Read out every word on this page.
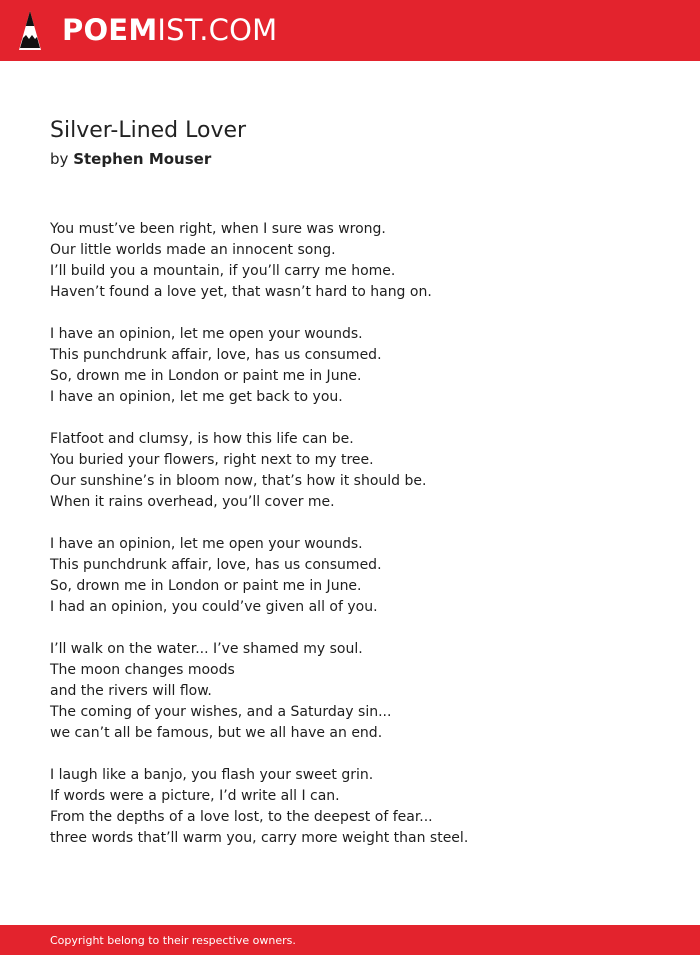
POEMIST.COM
Silver-Lined Lover
by Stephen Mouser
You must’ve been right, when I sure was wrong.
Our little worlds made an innocent song.
I’ll build you a mountain, if you’ll carry me home.
Haven’t found a love yet, that wasn’t hard to hang on.
I have an opinion, let me open your wounds.
This punchdrunk affair, love, has us consumed.
So, drown me in London or paint me in June.
I have an opinion, let me get back to you.
Flatfoot and clumsy, is how this life can be.
You buried your flowers, right next to my tree.
Our sunshine’s in bloom now, that’s how it should be.
When it rains overhead, you’ll cover me.
I have an opinion, let me open your wounds.
This punchdrunk affair, love, has us consumed.
So, drown me in London or paint me in June.
I had an opinion, you could’ve given all of you.
I’ll walk on the water... I’ve shamed my soul.
The moon changes moods
and the rivers will flow.
The coming of your wishes, and a Saturday sin...
we can’t all be famous, but we all have an end.
I laugh like a banjo, you flash your sweet grin.
If words were a picture, I’d write all I can.
From the depths of a love lost, to the deepest of fear...
three words that’ll warm you, carry more weight than steel.
Copyright belong to their respective owners.
